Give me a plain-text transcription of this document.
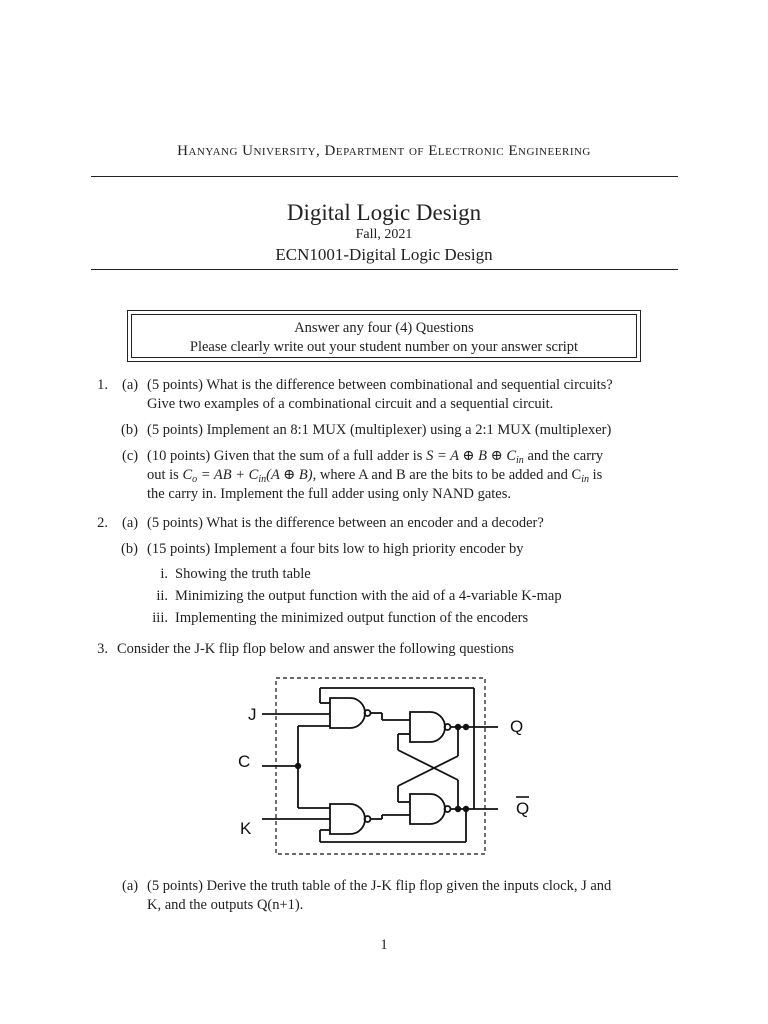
Hanyang University, Department of Electronic Engineering
Digital Logic Design
Fall, 2021
ECN1001-Digital Logic Design
Answer any four (4) Questions
Please clearly write out your student number on your answer script
1. (a) (5 points) What is the difference between combinational and sequential circuits?
Give two examples of a combinational circuit and a sequential circuit.
(b) (5 points) Implement an 8:1 MUX (multiplexer) using a 2:1 MUX (multiplexer)
(c) (10 points) Given that the sum of a full adder is S = A ⊕ B ⊕ $C_{in}$ and the carry
out is $C_o$ = AB + $C_{in}(A$ ⊕ B), where A and B are the bits to be added and $C_{in}$ is
the carry in. Implement the full adder using only NAND gates.
2. (a) (5 points) What is the difference between an encoder and a decoder?
(b) (15 points) Implement a four bits low to high priority encoder by
i. Showing the truth table
ii. Minimizing the output function with the aid of a 4-variable K-map
iii. Implementing the minimized output function of the encoders
3. Consider the J-K flip flop below and answer the following questions
J
C
K
Q
Q
(a) (5 points) Derive the truth table of the J-K flip flop given the inputs clock, J and
K, and the outputs Q(n+1).
1
